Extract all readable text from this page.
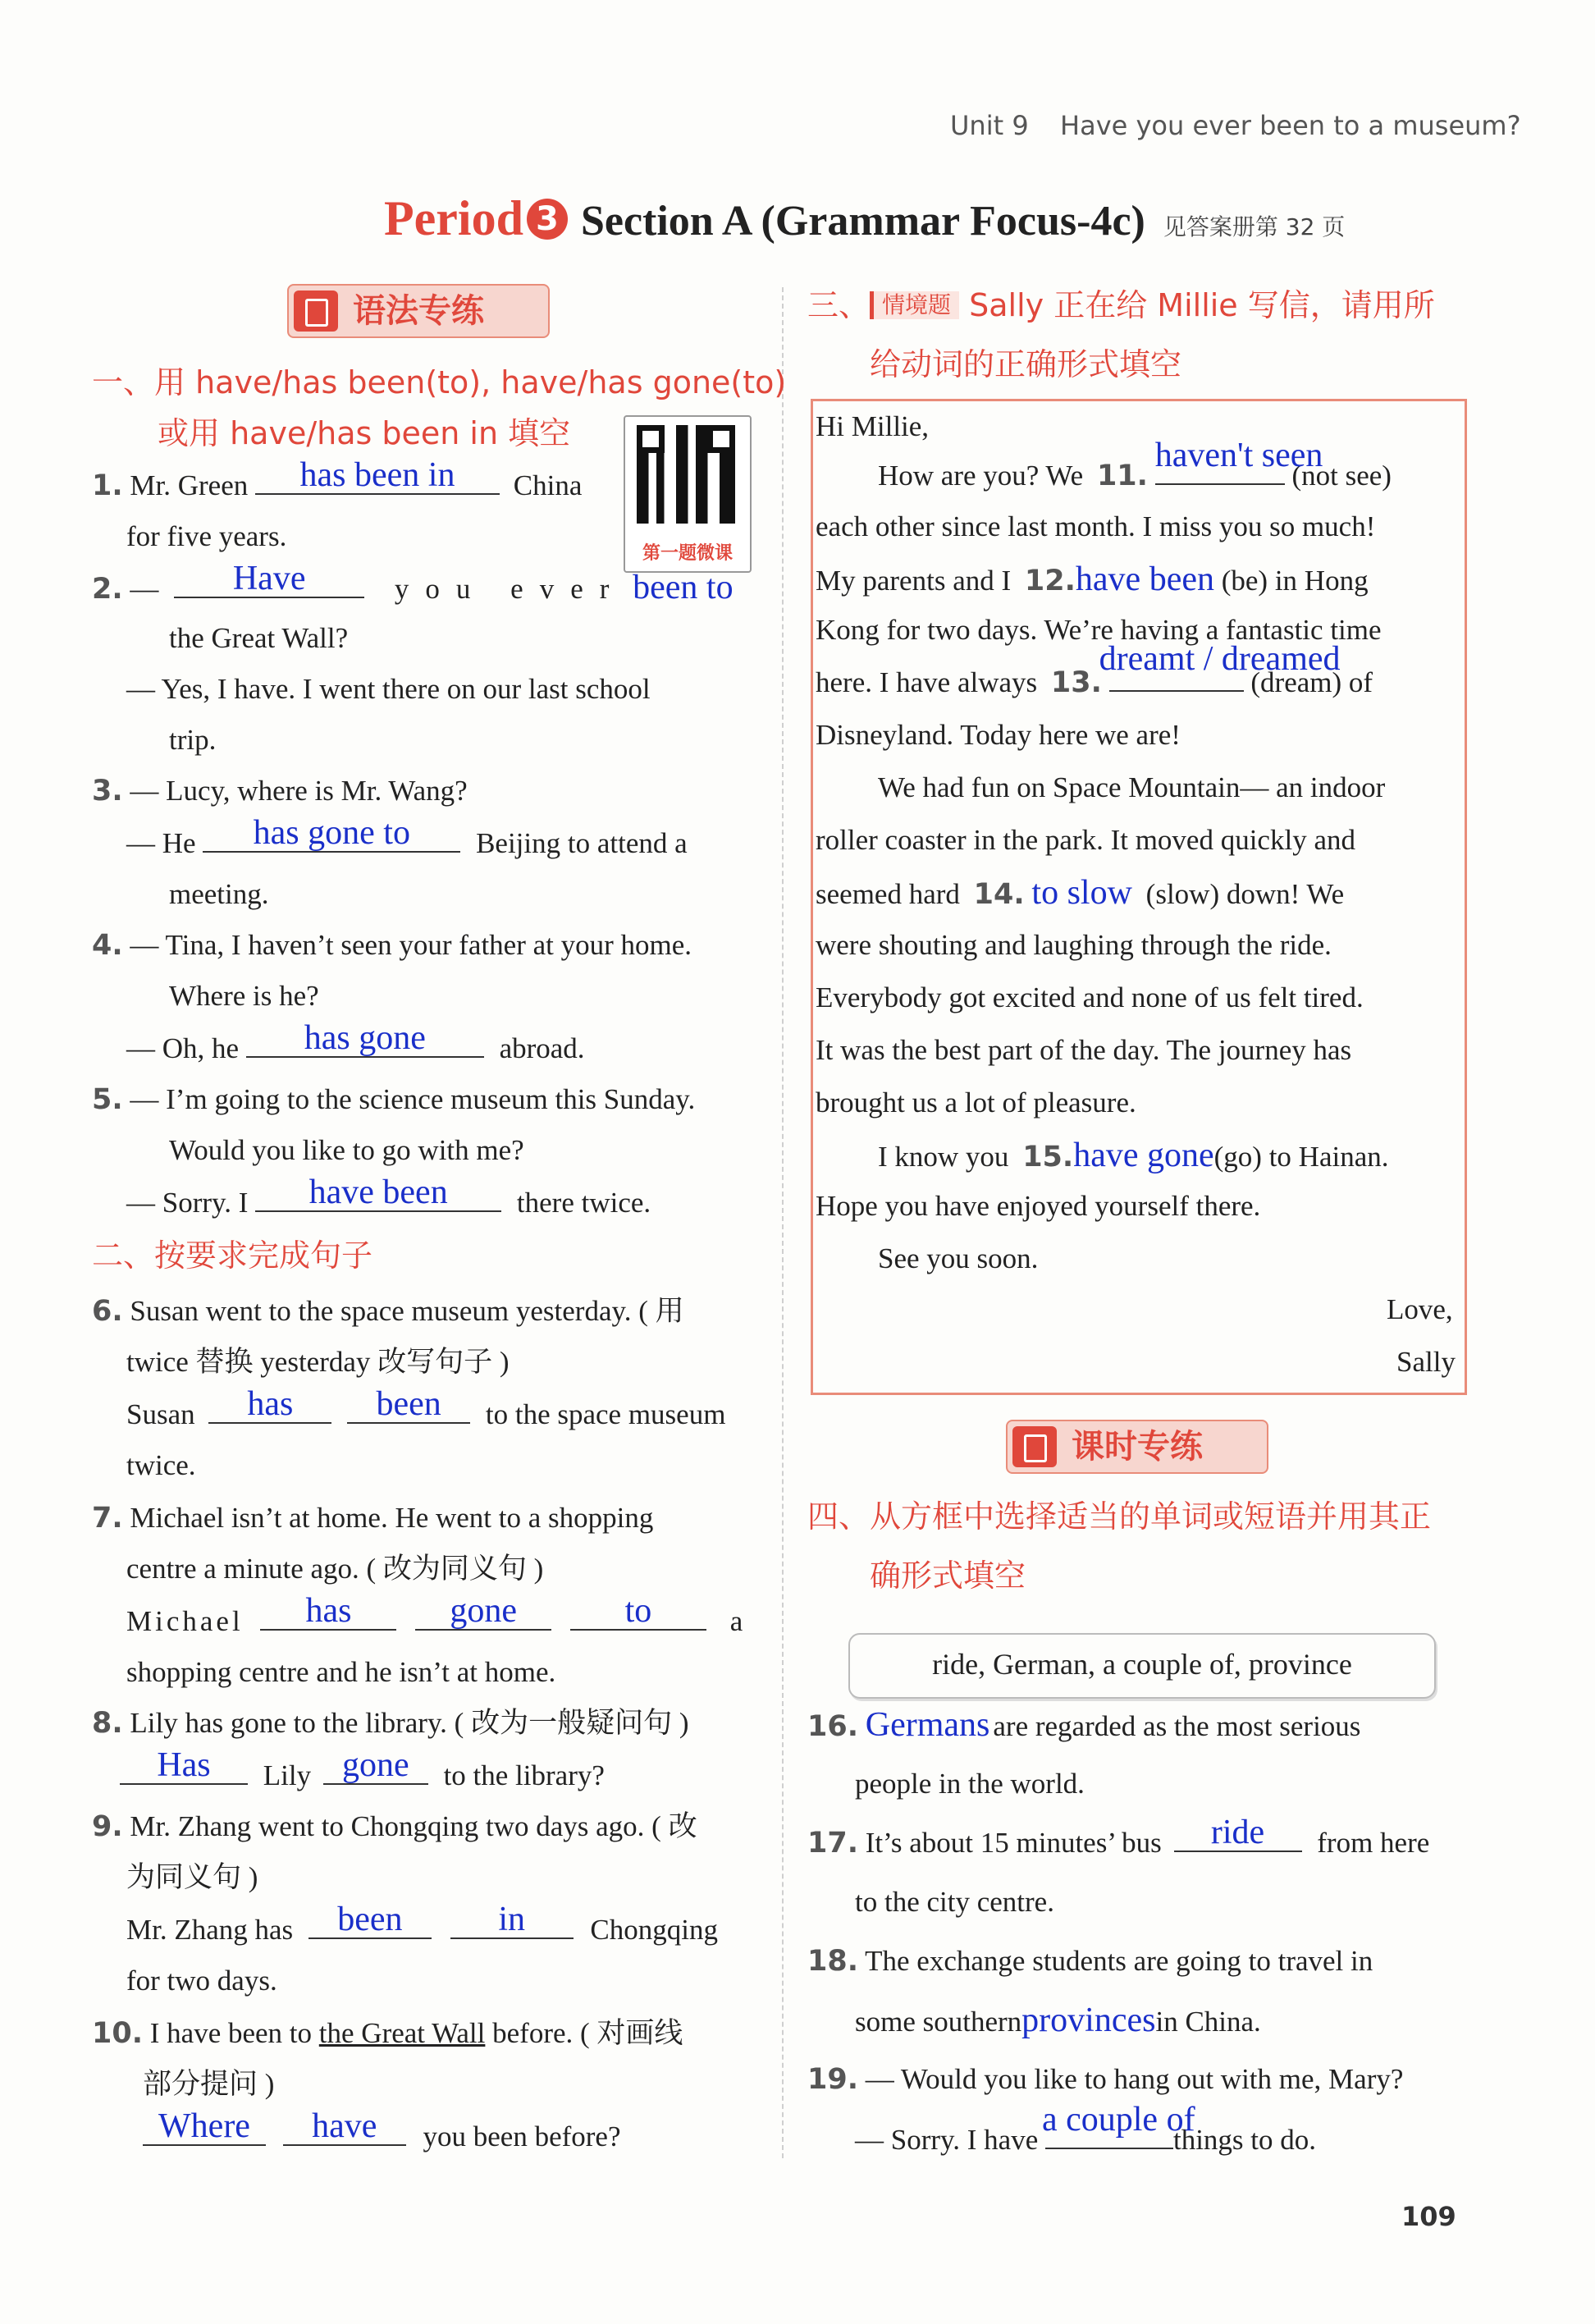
Unit 9 Have you ever been to a museum?
Period 3 Section A (Grammar Focus-4c) 见答案册第 32 页
语法专练
一、用 have/has been(to), have/has gone(to)
或用 have/has been in 填空
第一题微课
1. Mr. Green	has been in	China
for five years.
2. —	Have	you ever been to
the Great Wall?
— Yes, I have. I went there on our last school
trip.
3. — Lucy, where is Mr. Wang?
— He	has gone to	Beijing to attend a
meeting.
4. — Tina, I haven’t seen your father at your home.
Where is he?
— Oh, he	has gone	abroad.
5. — I’m going to the science museum this Sunday.
Would you like to go with me?
— Sorry. I	have been	there twice.
二、按要求完成句子
6. Susan went to the space museum yesterday. ( 用
twice 替换 yesterday 改写句子 )
Susan	has
	been	to the space museum
twice.
7. Michael isn’t at home. He went to a shopping
centre a minute ago. ( 改为同义句 )
Michael	has
	gone
	to	a
shopping centre and he isn’t at home.
8. Lily has gone to the library. ( 改为一般疑问句 )
Has	Lily gone	to the library?
9. Mr. Zhang went to Chongqing two days ago. ( 改
为同义句 )
Mr. Zhang has	been
	in	Chongqing
for two days.
10. I have been to the Great Wall before. ( 对画线
部分提问 )
Where
	have	you been before?
三、 情境题 Sally 正在给 Millie 写信，请用所
给动词的正确形式填空
Hi Millie,
How are you? We 11.
haven't seen
(not see)
each other since last month. I miss you so much!
My parents and I 12.have been (be) in Hong
Kong for two days. We’re having a fantastic time
here. I have always 13.
dreamt / dreamed
(dream) of
Disneyland. Today here we are!
We had fun on Space Mountain— an indoor
roller coaster in the park. It moved quickly and
seemed hard 14. to slow (slow) down! We
were shouting and laughing through the ride.
Everybody got excited and none of us felt tired.
It was the best part of the day. The journey has
brought us a lot of pleasure.
I know you 15.have gone(go) to Hainan.
Hope you have enjoyed yourself there.
See you soon.
Love,
Sally
课时专练
四、从方框中选择适当的单词或短语并用其正
确形式填空
ride, German, a couple of, province
16. Germans are regarded as the most serious
people in the world.
17. It’s about 15 minutes’ bus	ride	from here
to the city centre.
18. The exchange students are going to travel in
some southernprovincesin China.
19. — Would you like to hang out with me, Mary?
— Sorry. I have
a couple of
things to do.
109
